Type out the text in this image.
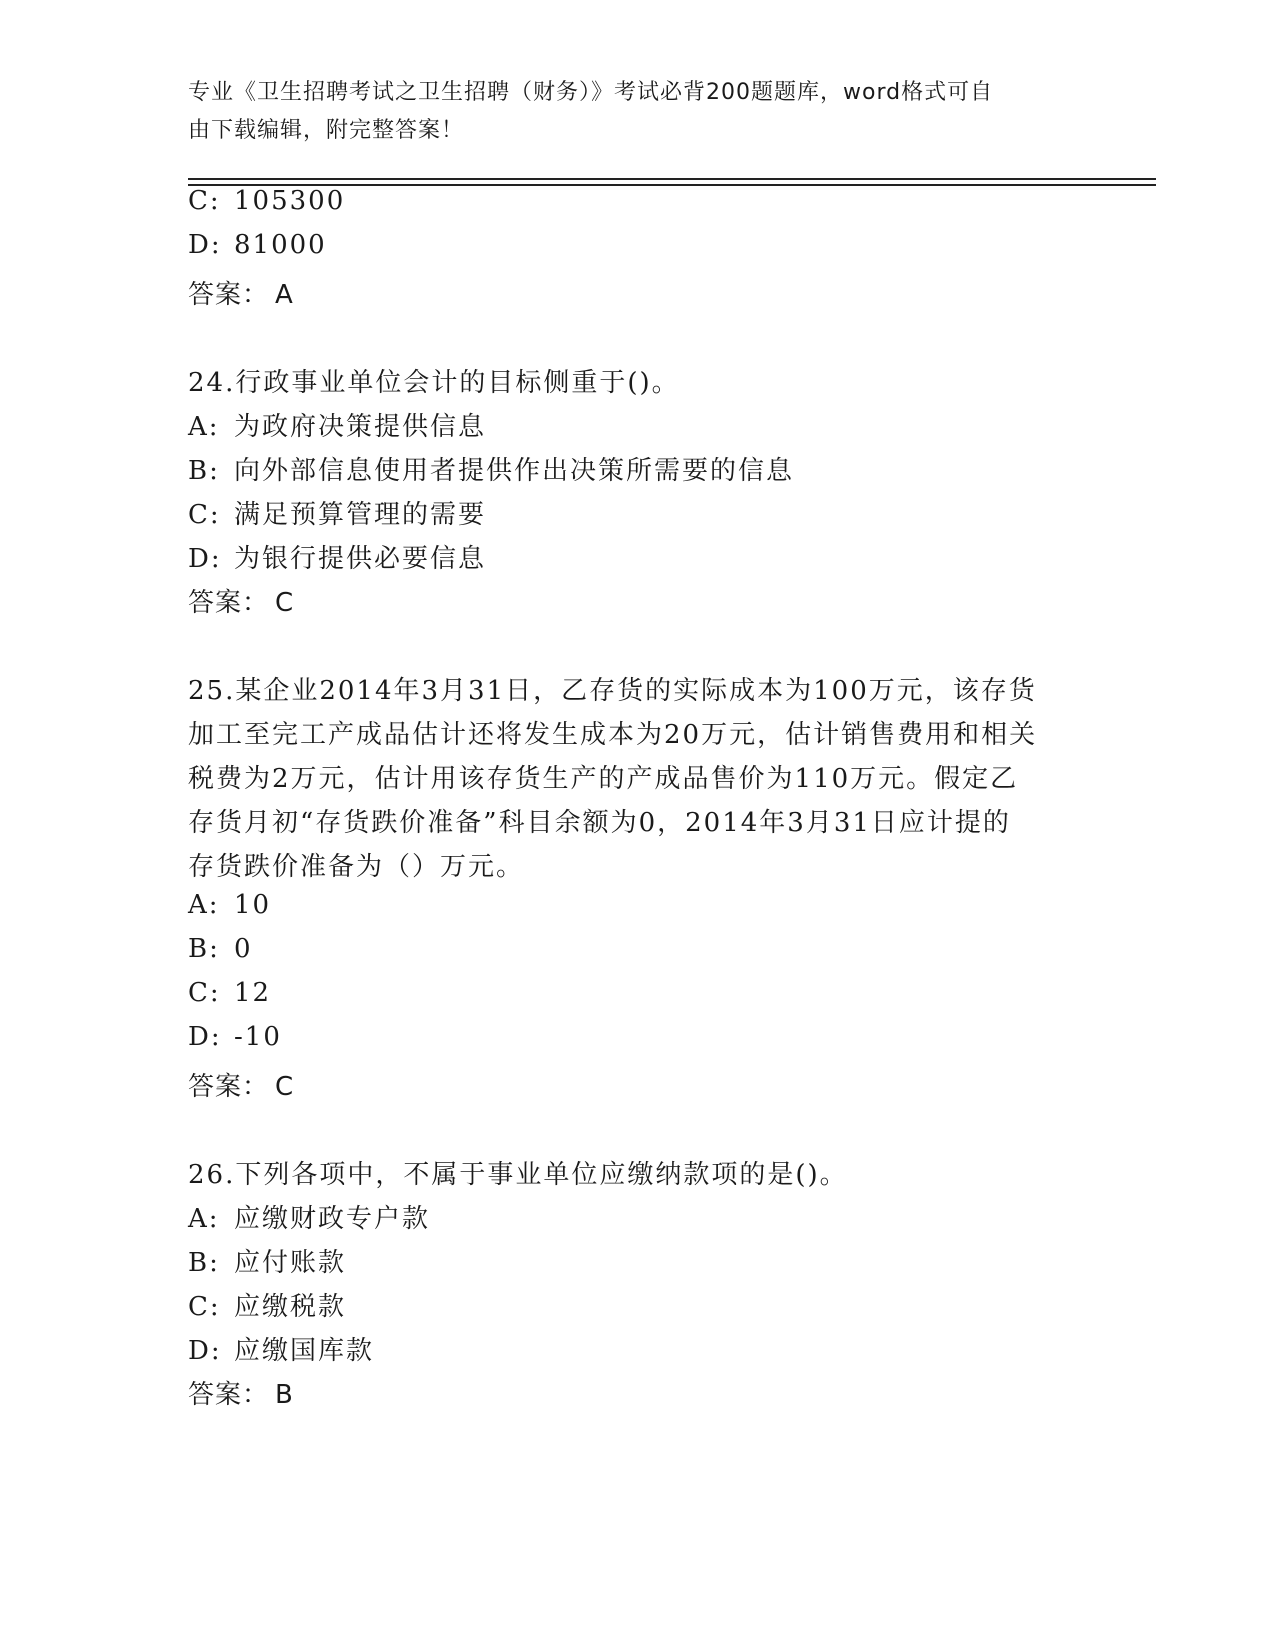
专业《卫生招聘考试之卫生招聘（财务）》考试必背200题题库，word格式可自
由下载编辑，附完整答案！
C: 105300
D: 81000
答案： A
24.行政事业单位会计的目标侧重于()。
A: 为政府决策提供信息
B: 向外部信息使用者提供作出决策所需要的信息
C: 满足预算管理的需要
D: 为银行提供必要信息
答案： C
25.某企业2014年3月31日，乙存货的实际成本为100万元，该存货
加工至完工产成品估计还将发生成本为20万元，估计销售费用和相关
税费为2万元，估计用该存货生产的产成品售价为110万元。假定乙
存货月初“存货跌价准备”科目余额为0，2014年3月31日应计提的
存货跌价准备为（）万元。
A: 10
B: 0
C: 12
D: -10
答案： C
26.下列各项中，不属于事业单位应缴纳款项的是()。
A: 应缴财政专户款
B: 应付账款
C: 应缴税款
D: 应缴国库款
答案： B
